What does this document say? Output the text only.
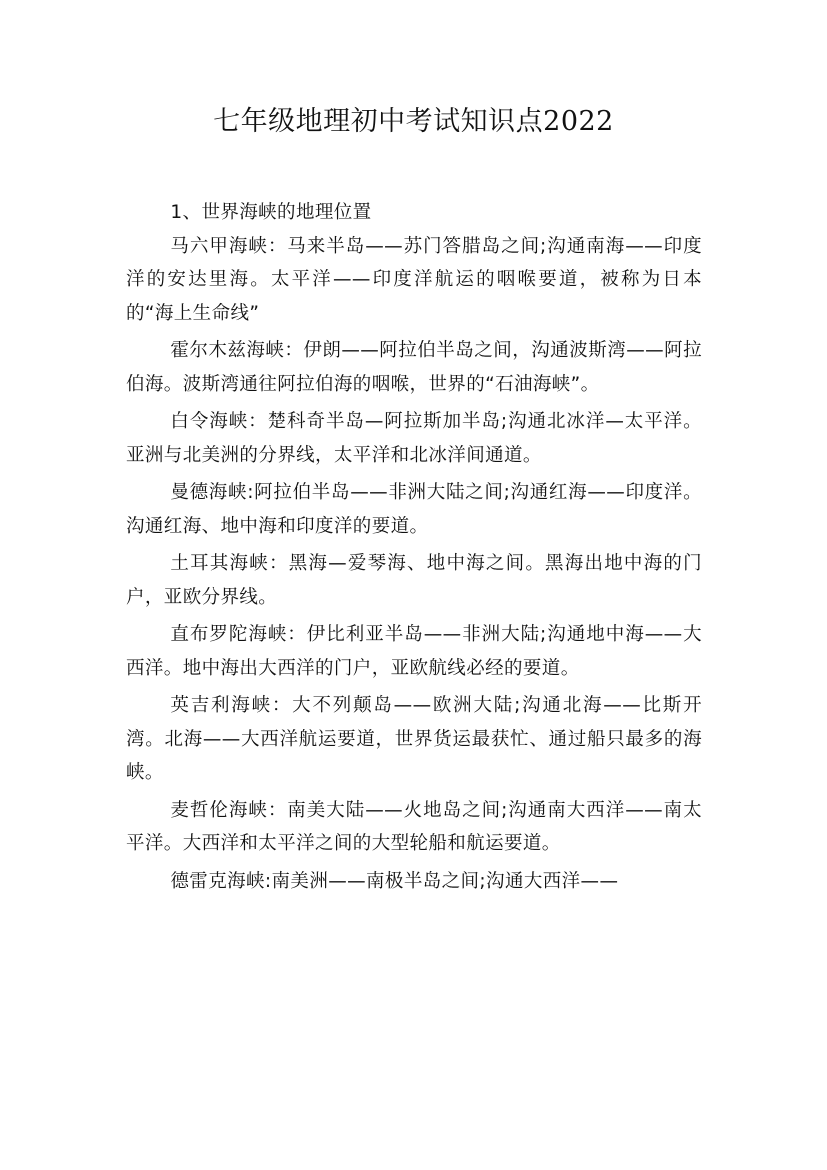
七年级地理初中考试知识点2022

1、世界海峡的地理位置

马六甲海峡：马来半岛——苏门答腊岛之间;沟通南海——印度洋的安达里海。太平洋——印度洋航运的咽喉要道，被称为日本的“海上生命线”

霍尔木兹海峡：伊朗——阿拉伯半岛之间，沟通波斯湾——阿拉伯海。波斯湾通往阿拉伯海的咽喉，世界的“石油海峡”。

白令海峡：楚科奇半岛—阿拉斯加半岛;沟通北冰洋—太平洋。亚洲与北美洲的分界线，太平洋和北冰洋间通道。

曼德海峡:阿拉伯半岛——非洲大陆之间;沟通红海——印度洋。沟通红海、地中海和印度洋的要道。

土耳其海峡：黑海—爱琴海、地中海之间。黑海出地中海的门户，亚欧分界线。

直布罗陀海峡：伊比利亚半岛——非洲大陆;沟通地中海——大西洋。地中海出大西洋的门户，亚欧航线必经的要道。

英吉利海峡：大不列颠岛——欧洲大陆;沟通北海——比斯开湾。北海——大西洋航运要道，世界货运最获忙、通过船只最多的海峡。

麦哲伦海峡：南美大陆——火地岛之间;沟通南大西洋——南太平洋。大西洋和太平洋之间的大型轮船和航运要道。

德雷克海峡:南美洲——南极半岛之间;沟通大西洋——
